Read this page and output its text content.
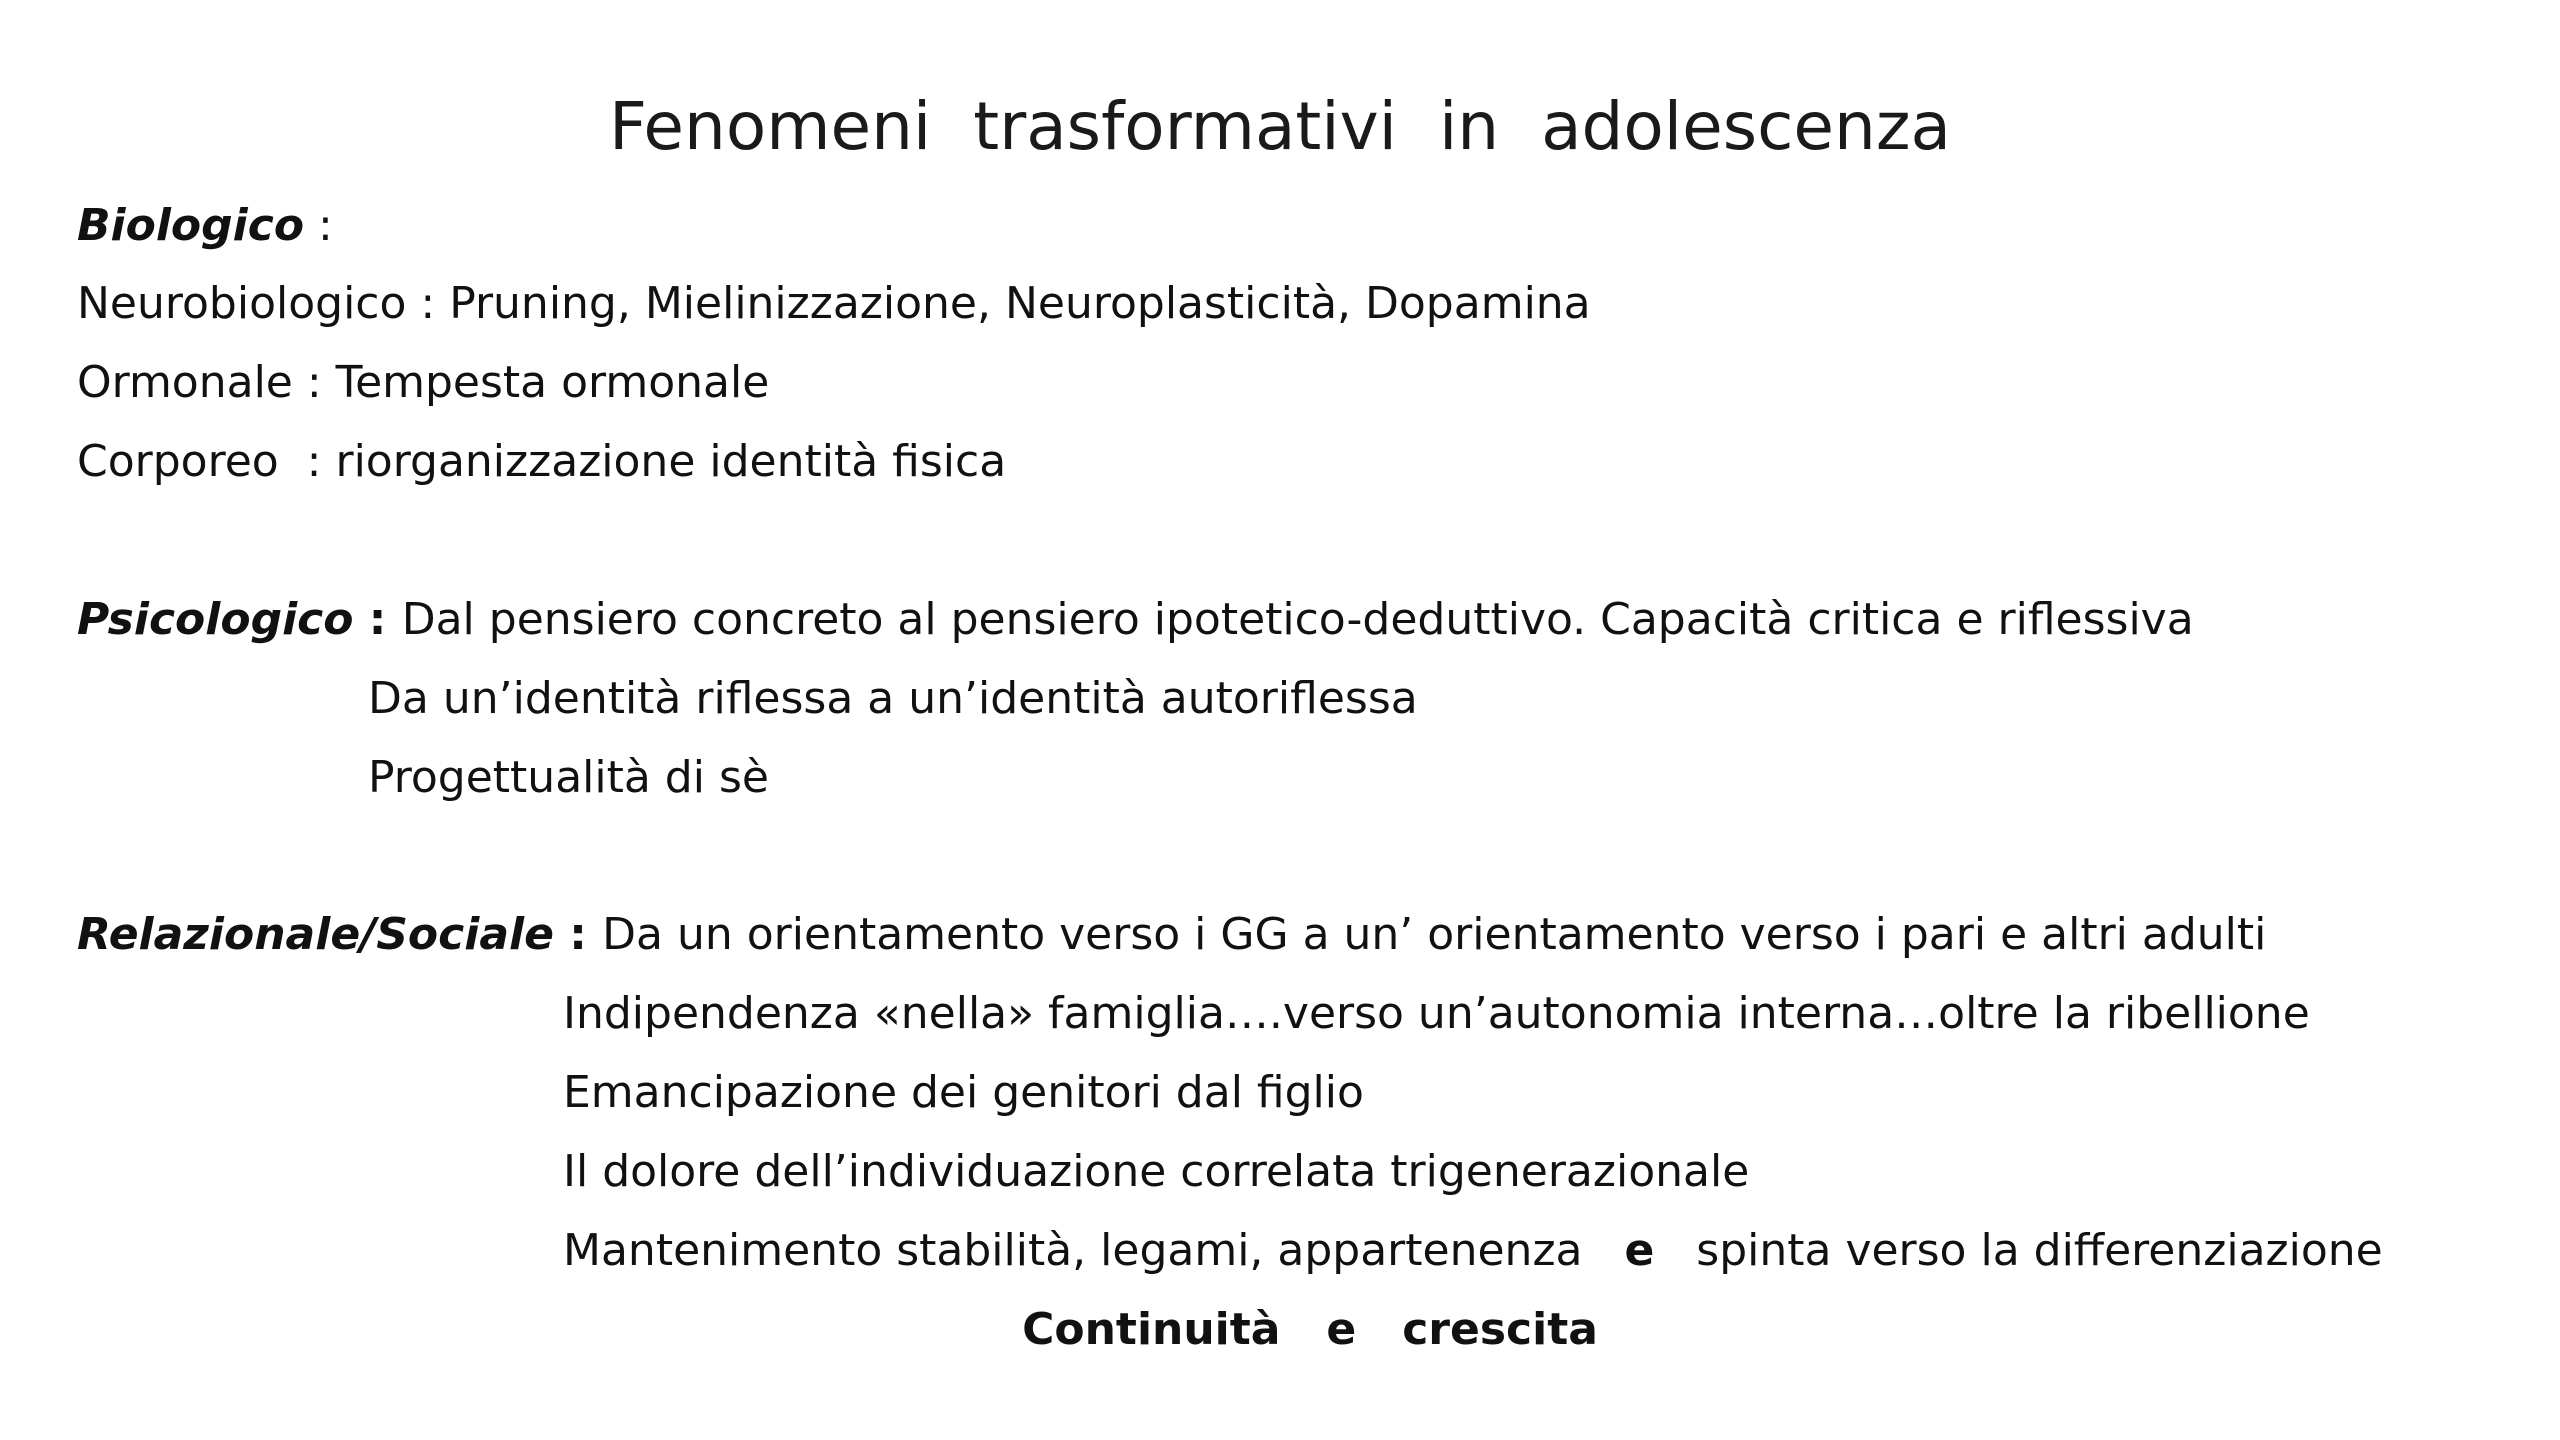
Fenomeni  trasformativi  in  adolescenza
Biologico :
Neurobiologico : Pruning, Mielinizzazione, Neuroplasticità, Dopamina
Ormonale : Tempesta ormonale
Corporeo  : riorganizzazione identità fisica
Psicologico : Dal pensiero concreto al pensiero ipotetico-deduttivo. Capacità critica e riflessiva
Da un’identità riflessa a un’identità autoriflessa
Progettualità di sè
Relazionale/Sociale : Da un orientamento verso i GG a un’ orientamento verso i pari e altri adulti
Indipendenza «nella» famiglia….verso un’autonomia interna…oltre la ribellione
Emancipazione dei genitori dal figlio
Il dolore dell’individuazione correlata trigenerazionale
Mantenimento stabilità, legami, appartenenza   e   spinta verso la differenziazione
Continuità   e   crescita
